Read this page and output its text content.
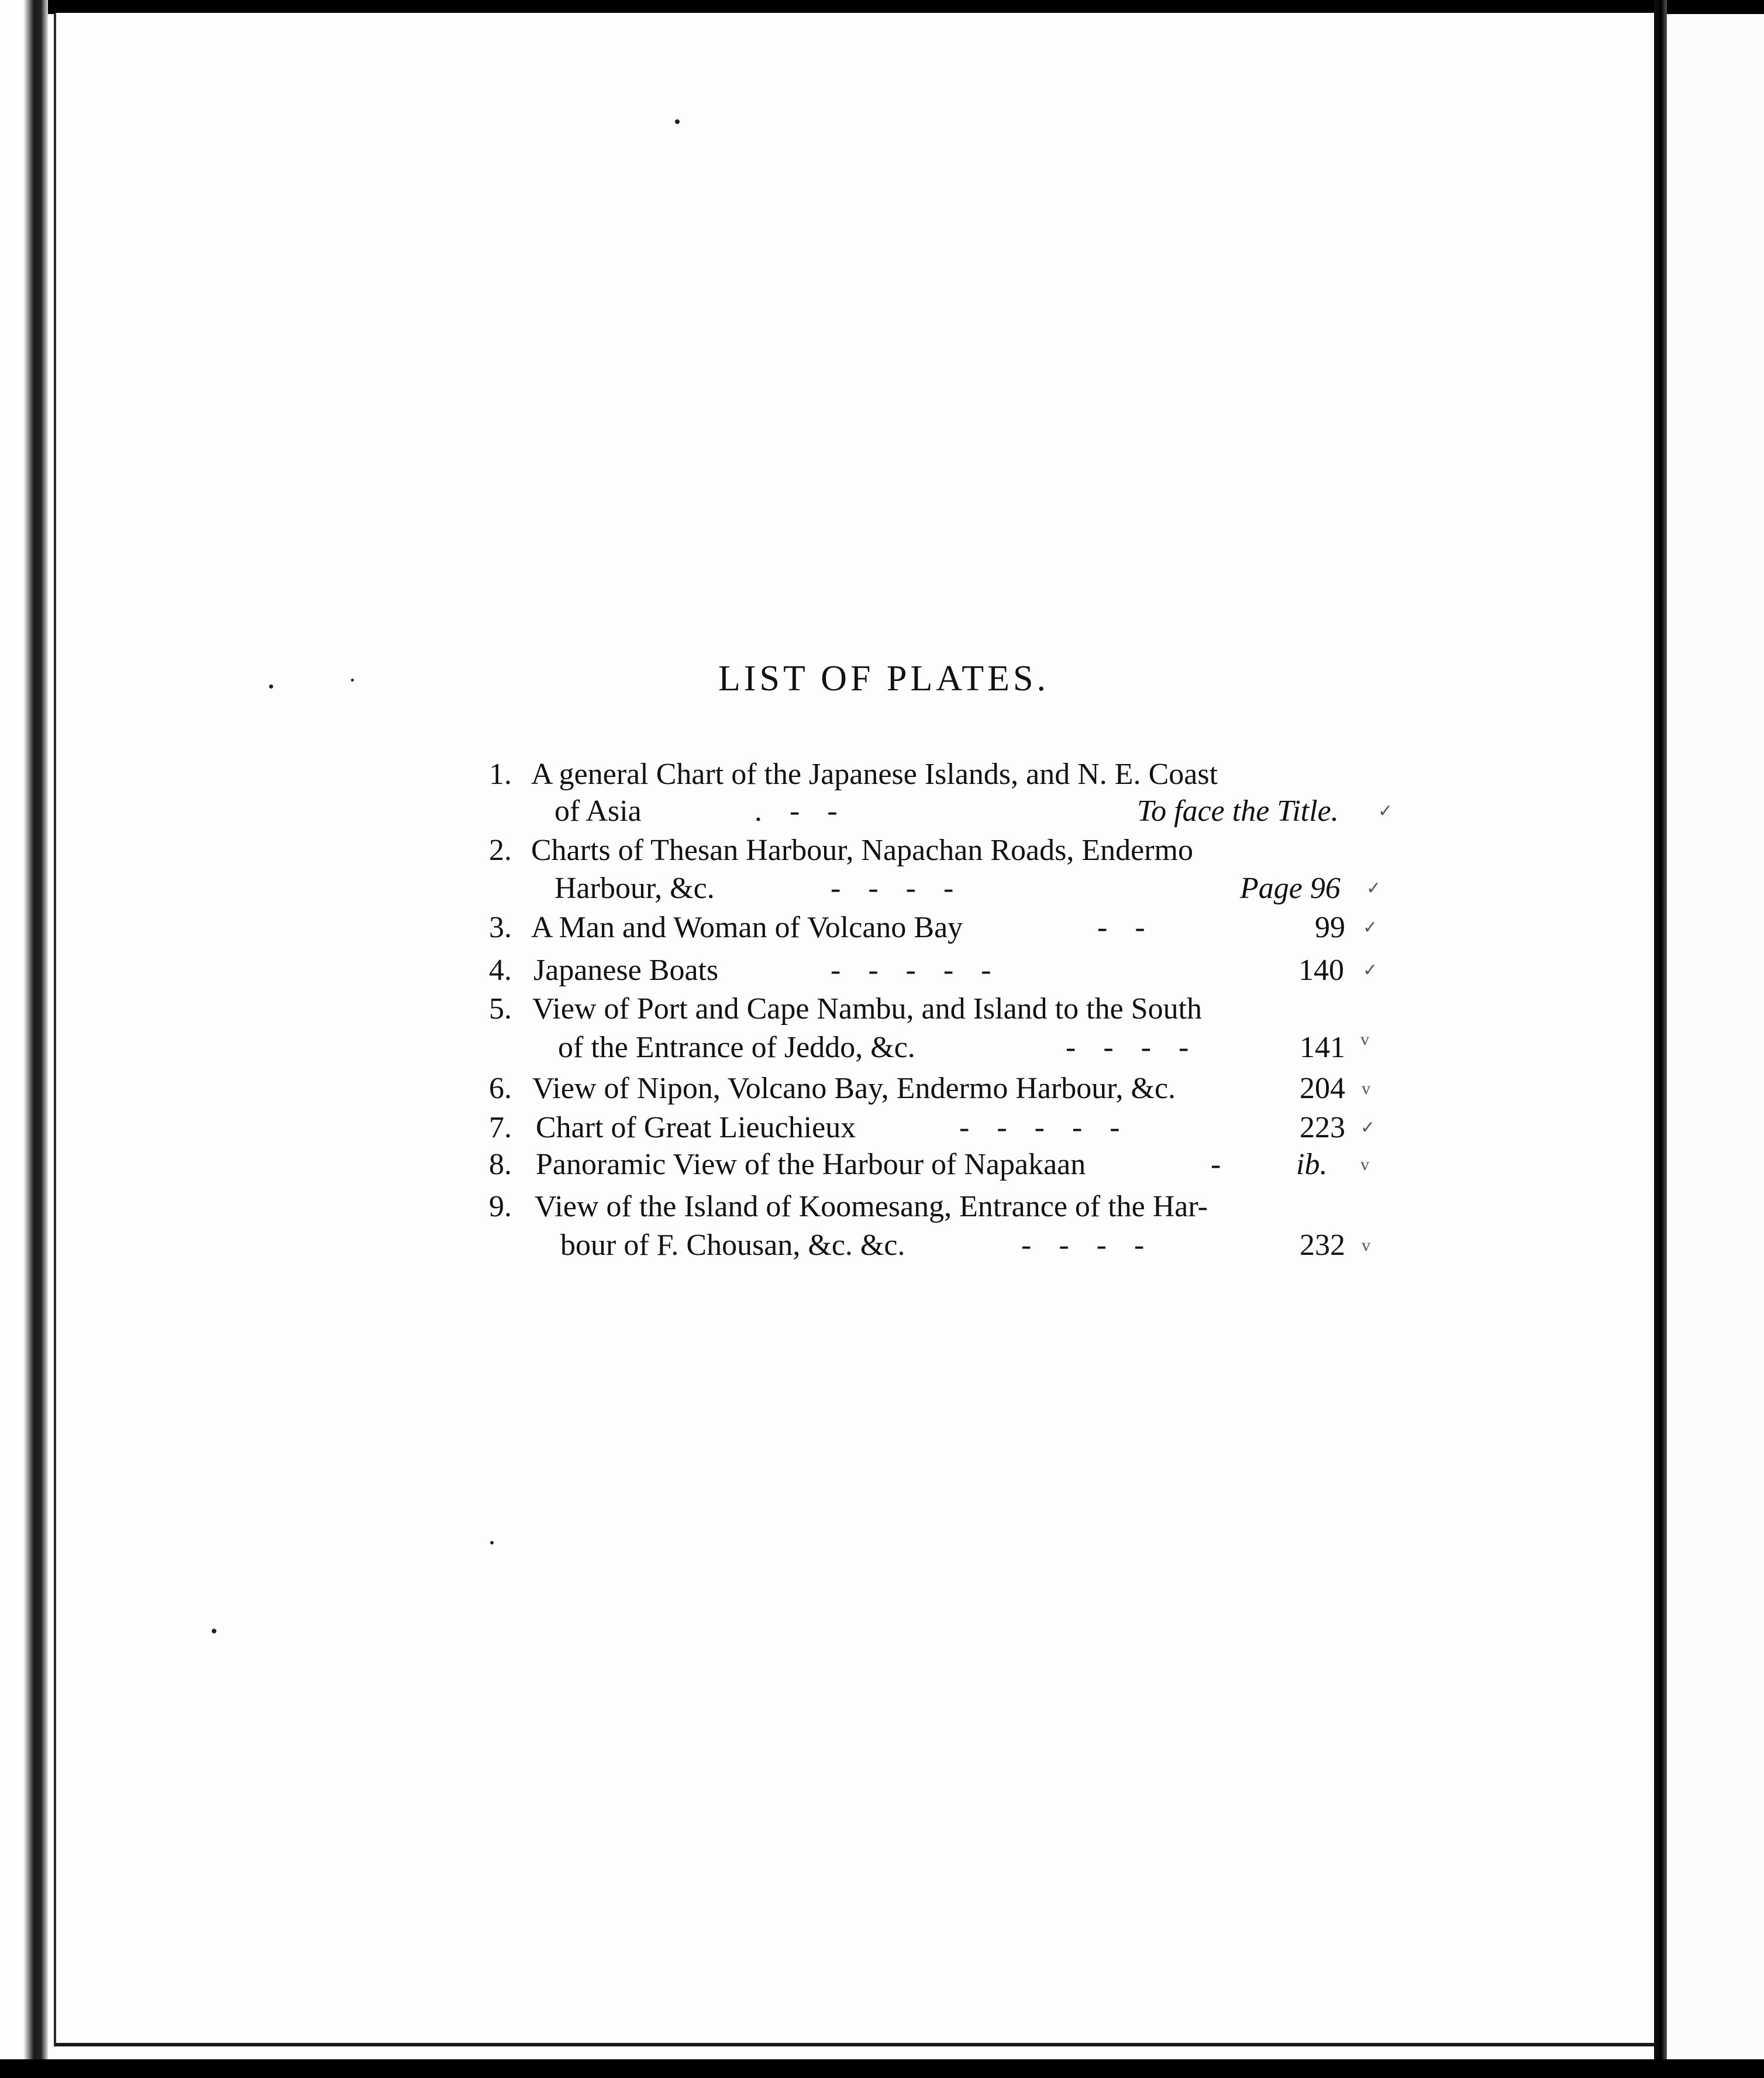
LIST OF PLATES.
1. A general Chart of the Japanese Islands, and N. E. Coast
of Asia	.   -   -	To face the Title. ✓
2. Charts of Thesan Harbour, Napachan Roads, Endermo
Harbour, &c.	-   -   -   -	Page 96 ✓
3. A Man and Woman of Volcano Bay	-   -	99 ✓
4. Japanese Boats	-   -   -   -   -	140 ✓
5. View of Port and Cape Nambu, and Island to the South
of the Entrance of Jeddo, &c.	-   -   -   -	141 v
6. View of Nipon, Volcano Bay, Endermo Harbour, &c.	204 v
7. Chart of Great Lieuchieux	-   -   -   -   -	223 ✓
8. Panoramic View of the Harbour of Napakaan	- ib. v
9. View of the Island of Koomesang, Entrance of the Har-
bour of F. Chousan, &c. &c.	-   -   -   -	232 v
